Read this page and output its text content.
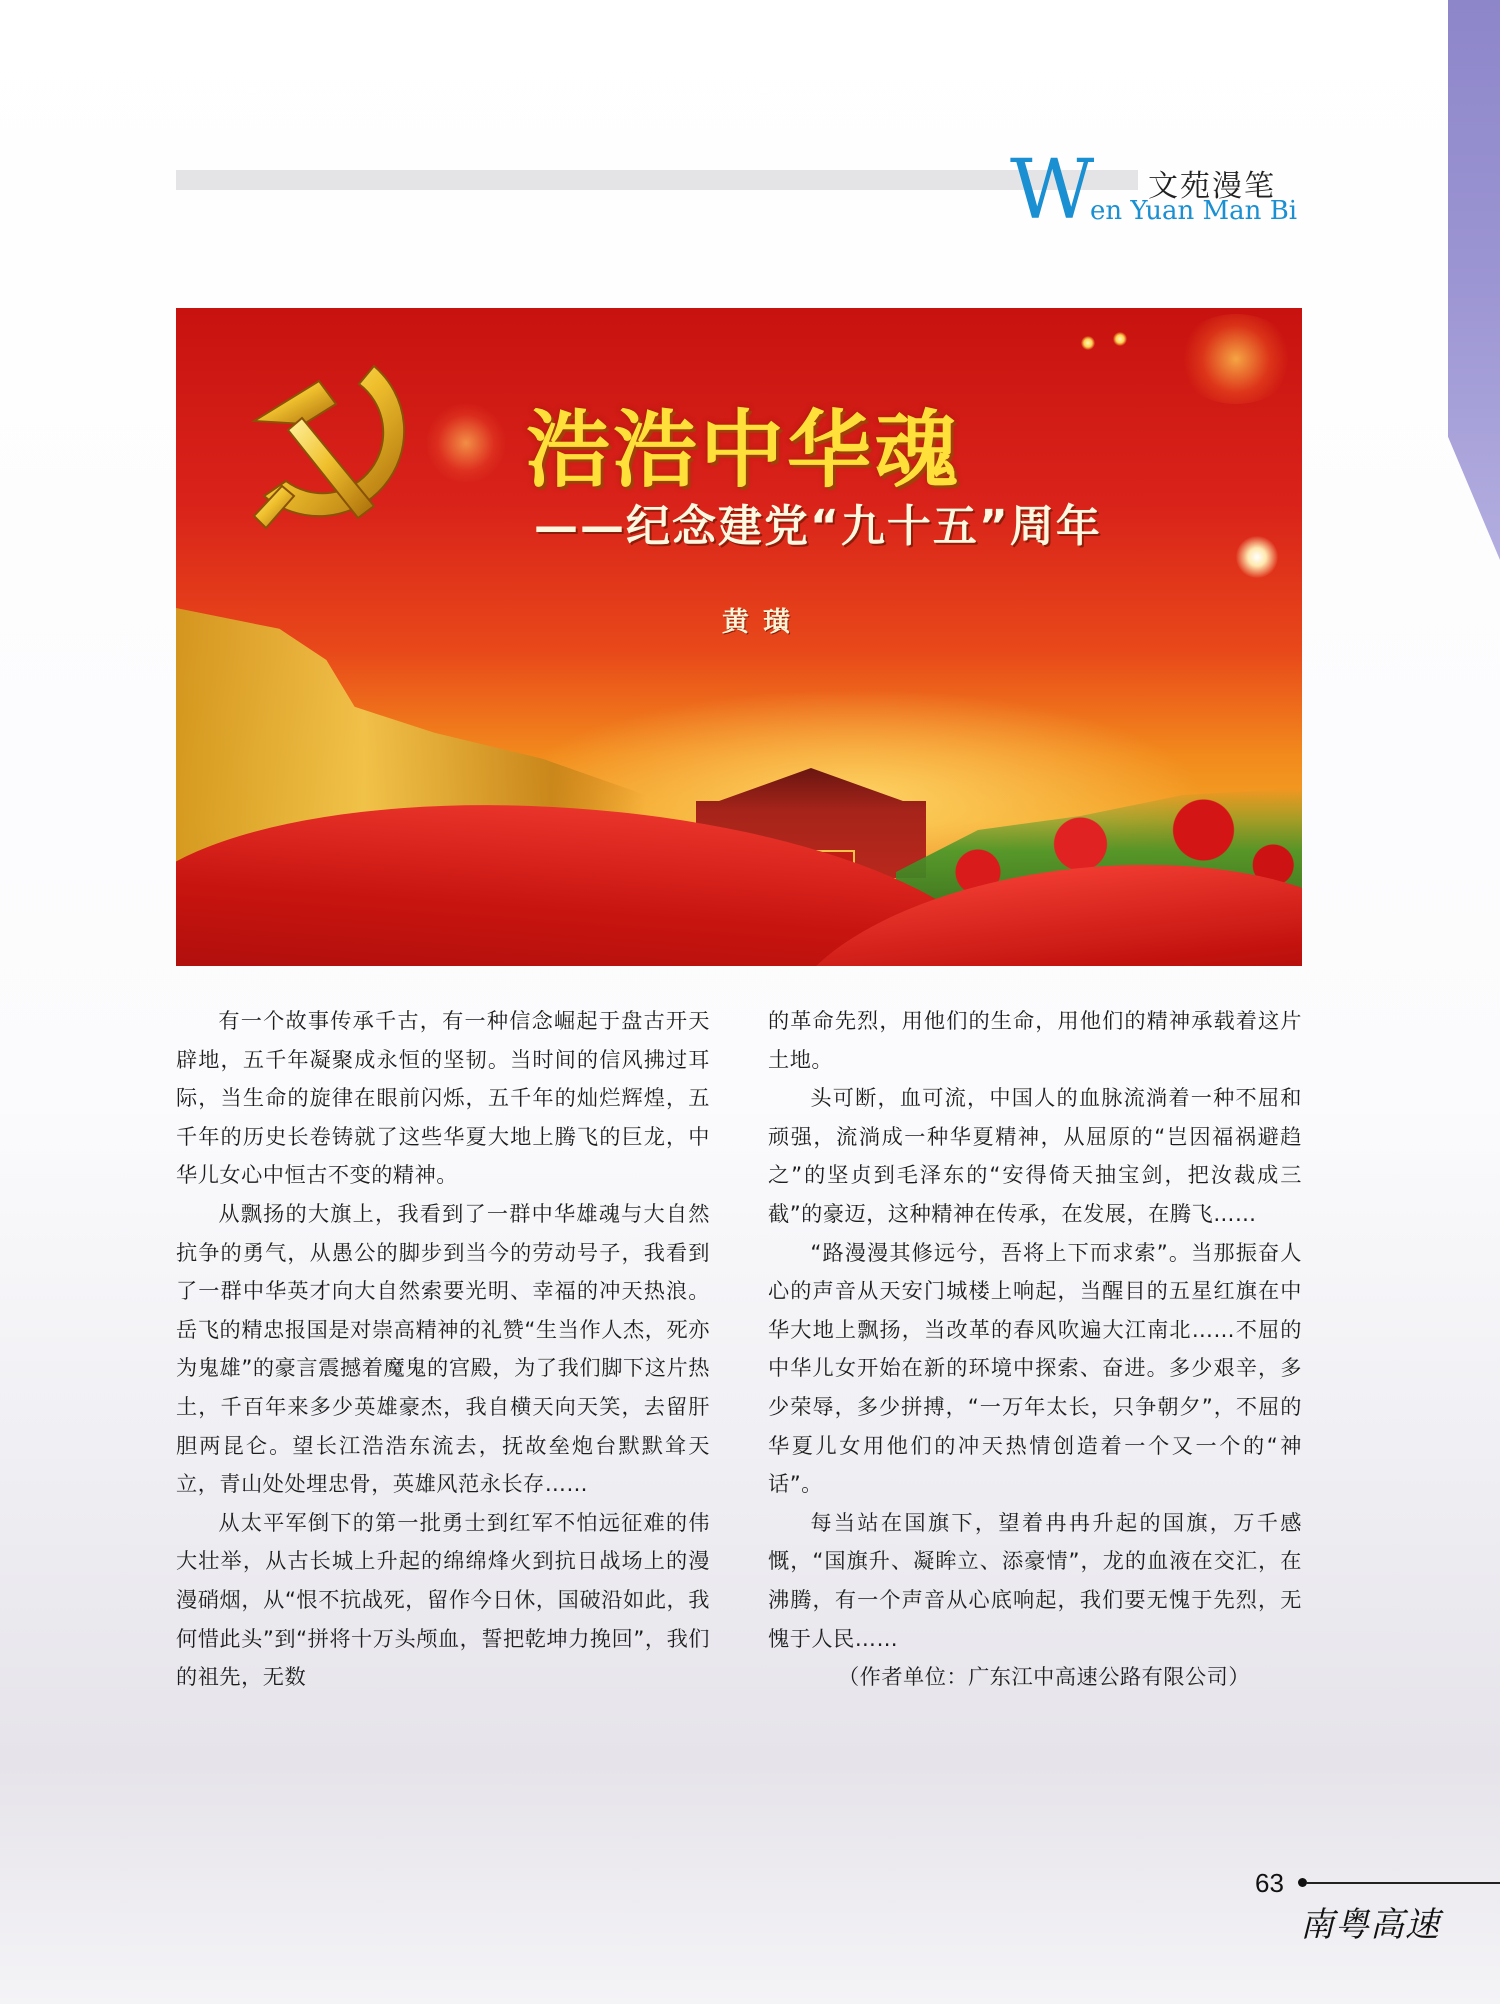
W 文苑漫笔
en Yuan Man Bi
浩浩中华魂
——纪念建党“九十五”周年
黄璜

有一个故事传承千古，有一种信念崛起于盘古开天辟地，五千年凝聚成永恒的坚韧。当时间的信风拂过耳际，当生命的旋律在眼前闪烁，五千年的灿烂辉煌，五千年的历史长卷铸就了这些华夏大地上腾飞的巨龙，中华儿女心中恒古不变的精神。

从飘扬的大旗上，我看到了一群中华雄魂与大自然抗争的勇气，从愚公的脚步到当今的劳动号子，我看到了一群中华英才向大自然索要光明、幸福的冲天热浪。岳飞的精忠报国是对崇高精神的礼赞“生当作人杰，死亦为鬼雄”的豪言震撼着魔鬼的宫殿，为了我们脚下这片热土，千百年来多少英雄豪杰，我自横天向天笑，去留肝胆两昆仑。望长江浩浩东流去，抚故垒炮台默默耸天立，青山处处埋忠骨，英雄风范永长存……

从太平军倒下的第一批勇士到红军不怕远征难的伟大壮举，从古长城上升起的绵绵烽火到抗日战场上的漫漫硝烟，从“恨不抗战死，留作今日休，国破沿如此，我何惜此头”到“拼将十万头颅血，誓把乾坤力挽回”，我们的祖先，无数

的革命先烈，用他们的生命，用他们的精神承载着这片土地。

头可断，血可流，中国人的血脉流淌着一种不屈和顽强，流淌成一种华夏精神，从屈原的“岂因福祸避趋之”的坚贞到毛泽东的“安得倚天抽宝剑，把汝裁成三截”的豪迈，这种精神在传承，在发展，在腾飞……

“路漫漫其修远兮，吾将上下而求索”。当那振奋人心的声音从天安门城楼上响起，当醒目的五星红旗在中华大地上飘扬，当改革的春风吹遍大江南北……不屈的中华儿女开始在新的环境中探索、奋进。多少艰辛，多少荣辱，多少拼搏，“一万年太长，只争朝夕”，不屈的华夏儿女用他们的冲天热情创造着一个又一个的“神话”。

每当站在国旗下，望着冉冉升起的国旗，万千感慨，“国旗升、凝眸立、添豪情”，龙的血液在交汇，在沸腾，有一个声音从心底响起，我们要无愧于先烈，无愧于人民……

（作者单位：广东江中高速公路有限公司）

63
南粤高速
